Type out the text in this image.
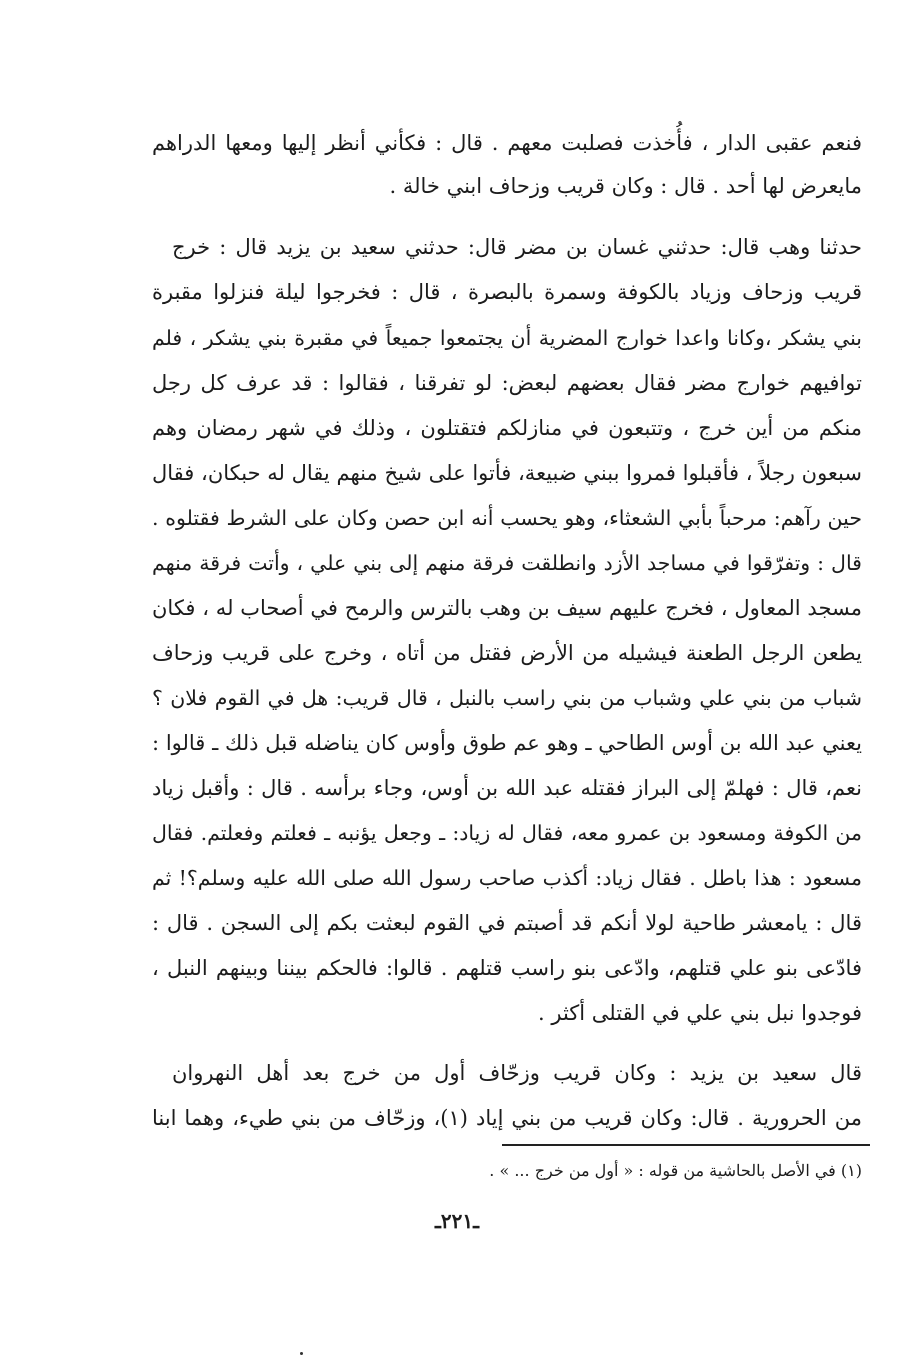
فنعم عقبى الدار ، فأُخذت فصلبت معهم . قال : فكأني أنظر إليها ومعها الدراهم
مايعرض لها أحد . قال : وكان قريب وزحاف ابني خالة .
حدثنا وهب قال: حدثني غسان بن مضر قال: حدثني سعيد بن يزيد قال : خرج
قريب وزحاف وزياد بالكوفة وسمرة بالبصرة ، قال : فخرجوا ليلة فنزلوا مقبرة
بني يشكر ،وكانا واعدا خوارج المضرية أن يجتمعوا جميعاً في مقبرة بني يشكر ، فلم
توافيهم خوارج مضر فقال بعضهم لبعض: لو تفرقنا ، فقالوا : قد عرف كل رجل
منكم من أين خرج ، وتتبعون في منازلكم فتقتلون ، وذلك في شهر رمضان وهم
سبعون رجلاً ، فأقبلوا فمروا ببني ضبيعة، فأتوا على شيخ منهم يقال له حبكان، فقال
حين رآهم: مرحباً بأبي الشعثاء، وهو يحسب أنه ابن حصن وكان على الشرط فقتلوه .
قال : وتفرّقوا في مساجد الأزد وانطلقت فرقة منهم إلى بني علي ، وأتت فرقة منهم
مسجد المعاول ، فخرج عليهم سيف بن وهب بالترس والرمح في أصحاب له ، فكان
يطعن الرجل الطعنة فيشيله من الأرض فقتل من أتاه ، وخرج على قريب وزحاف
شباب من بني علي وشباب من بني راسب بالنبل ، قال قريب: هل في القوم فلان ؟
يعني عبد الله بن أوس الطاحي ـ وهو عم طوق وأوس كان يناضله قبل ذلك ـ قالوا :
نعم، قال : فهلمّ إلى البراز فقتله عبد الله بن أوس، وجاء برأسه . قال : وأقبل زياد
من الكوفة ومسعود بن عمرو معه، فقال له زياد: ـ وجعل يؤنبه ـ فعلتم وفعلتم. فقال
مسعود : هذا باطل . فقال زياد: أكذب صاحب رسول الله صلى الله عليه وسلم؟! ثم
قال : يامعشر طاحية لولا أنكم قد أصبتم في القوم لبعثت بكم إلى السجن . قال :
فادّعى بنو علي قتلهم، وادّعى بنو راسب قتلهم . قالوا: فالحكم بيننا وبينهم النبل ،
فوجدوا نبل بني علي في القتلى أكثر .
قال سعيد بن يزيد : وكان قريب وزحّاف أول من خرج بعد أهل النهروان
من الحرورية . قال: وكان قريب من بني إياد (١)، وزحّاف من بني طيء، وهما ابنا
(١) في الأصل بالحاشية من قوله : « أول من خرج ... » .
ـ٢٢١ـ
